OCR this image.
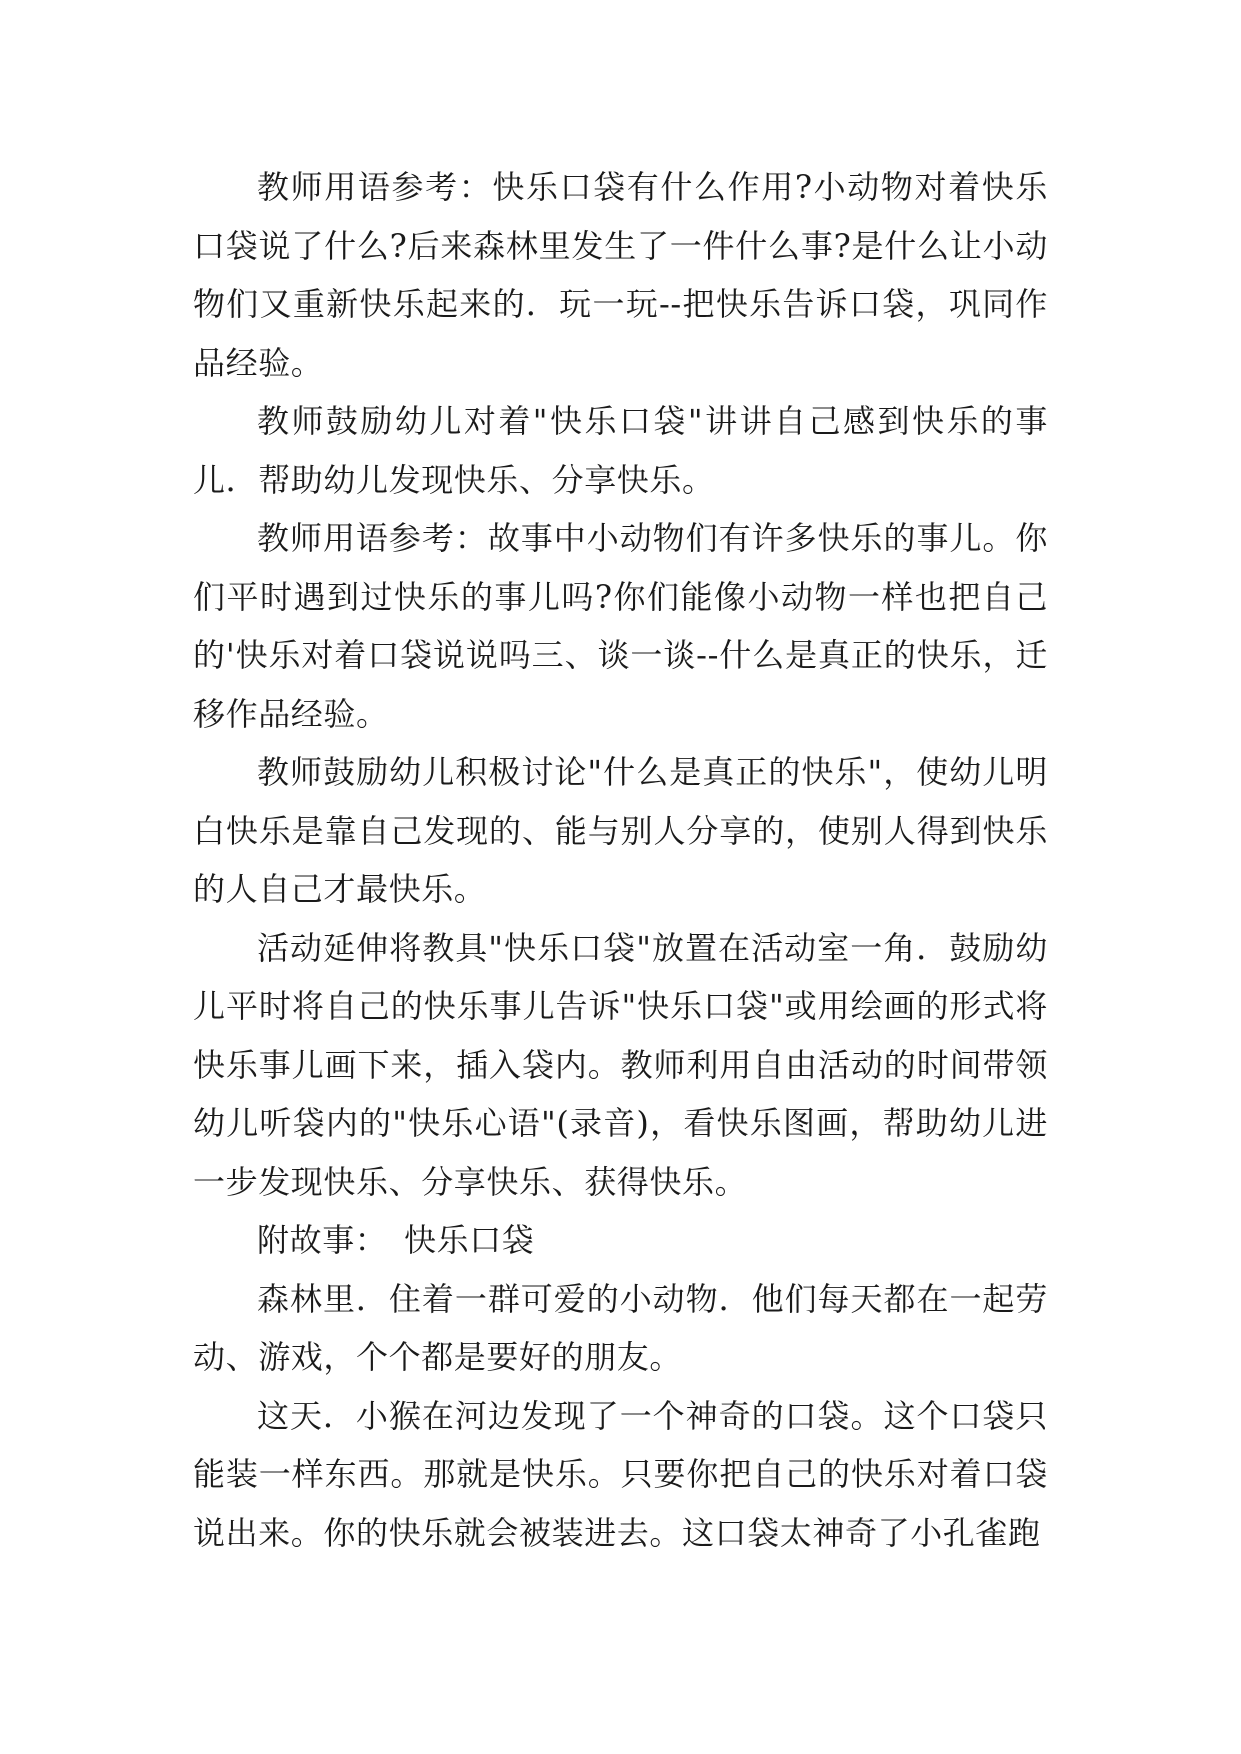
教师用语参考：快乐口袋有什么作用?小动物对着快乐口袋说了什么?后来森林里发生了一件什么事?是什么让小动物们又重新快乐起来的．玩一玩--把快乐告诉口袋，巩同作品经验。

教师鼓励幼儿对着"快乐口袋"讲讲自己感到快乐的事儿．帮助幼儿发现快乐、分享快乐。

教师用语参考：故事中小动物们有许多快乐的事儿。你们平时遇到过快乐的事儿吗?你们能像小动物一样也把自己的'快乐对着口袋说说吗三、谈一谈--什么是真正的快乐，迁移作品经验。

教师鼓励幼儿积极讨论"什么是真正的快乐"，使幼儿明白快乐是靠自己发现的、能与别人分享的，使别人得到快乐的人自己才最快乐。

活动延伸将教具"快乐口袋"放置在活动室一角．鼓励幼儿平时将自己的快乐事儿告诉"快乐口袋"或用绘画的形式将快乐事儿画下来，插入袋内。教师利用自由活动的时间带领幼儿听袋内的"快乐心语"(录音)，看快乐图画，帮助幼儿进一步发现快乐、分享快乐、获得快乐。

附故事：　快乐口袋

森林里．住着一群可爱的小动物．他们每天都在一起劳动、游戏，个个都是要好的朋友。

这天．小猴在河边发现了一个神奇的口袋。这个口袋只能装一样东西。那就是快乐。只要你把自己的快乐对着口袋说出来。你的快乐就会被装进去。这口袋太神奇了小孔雀跑
